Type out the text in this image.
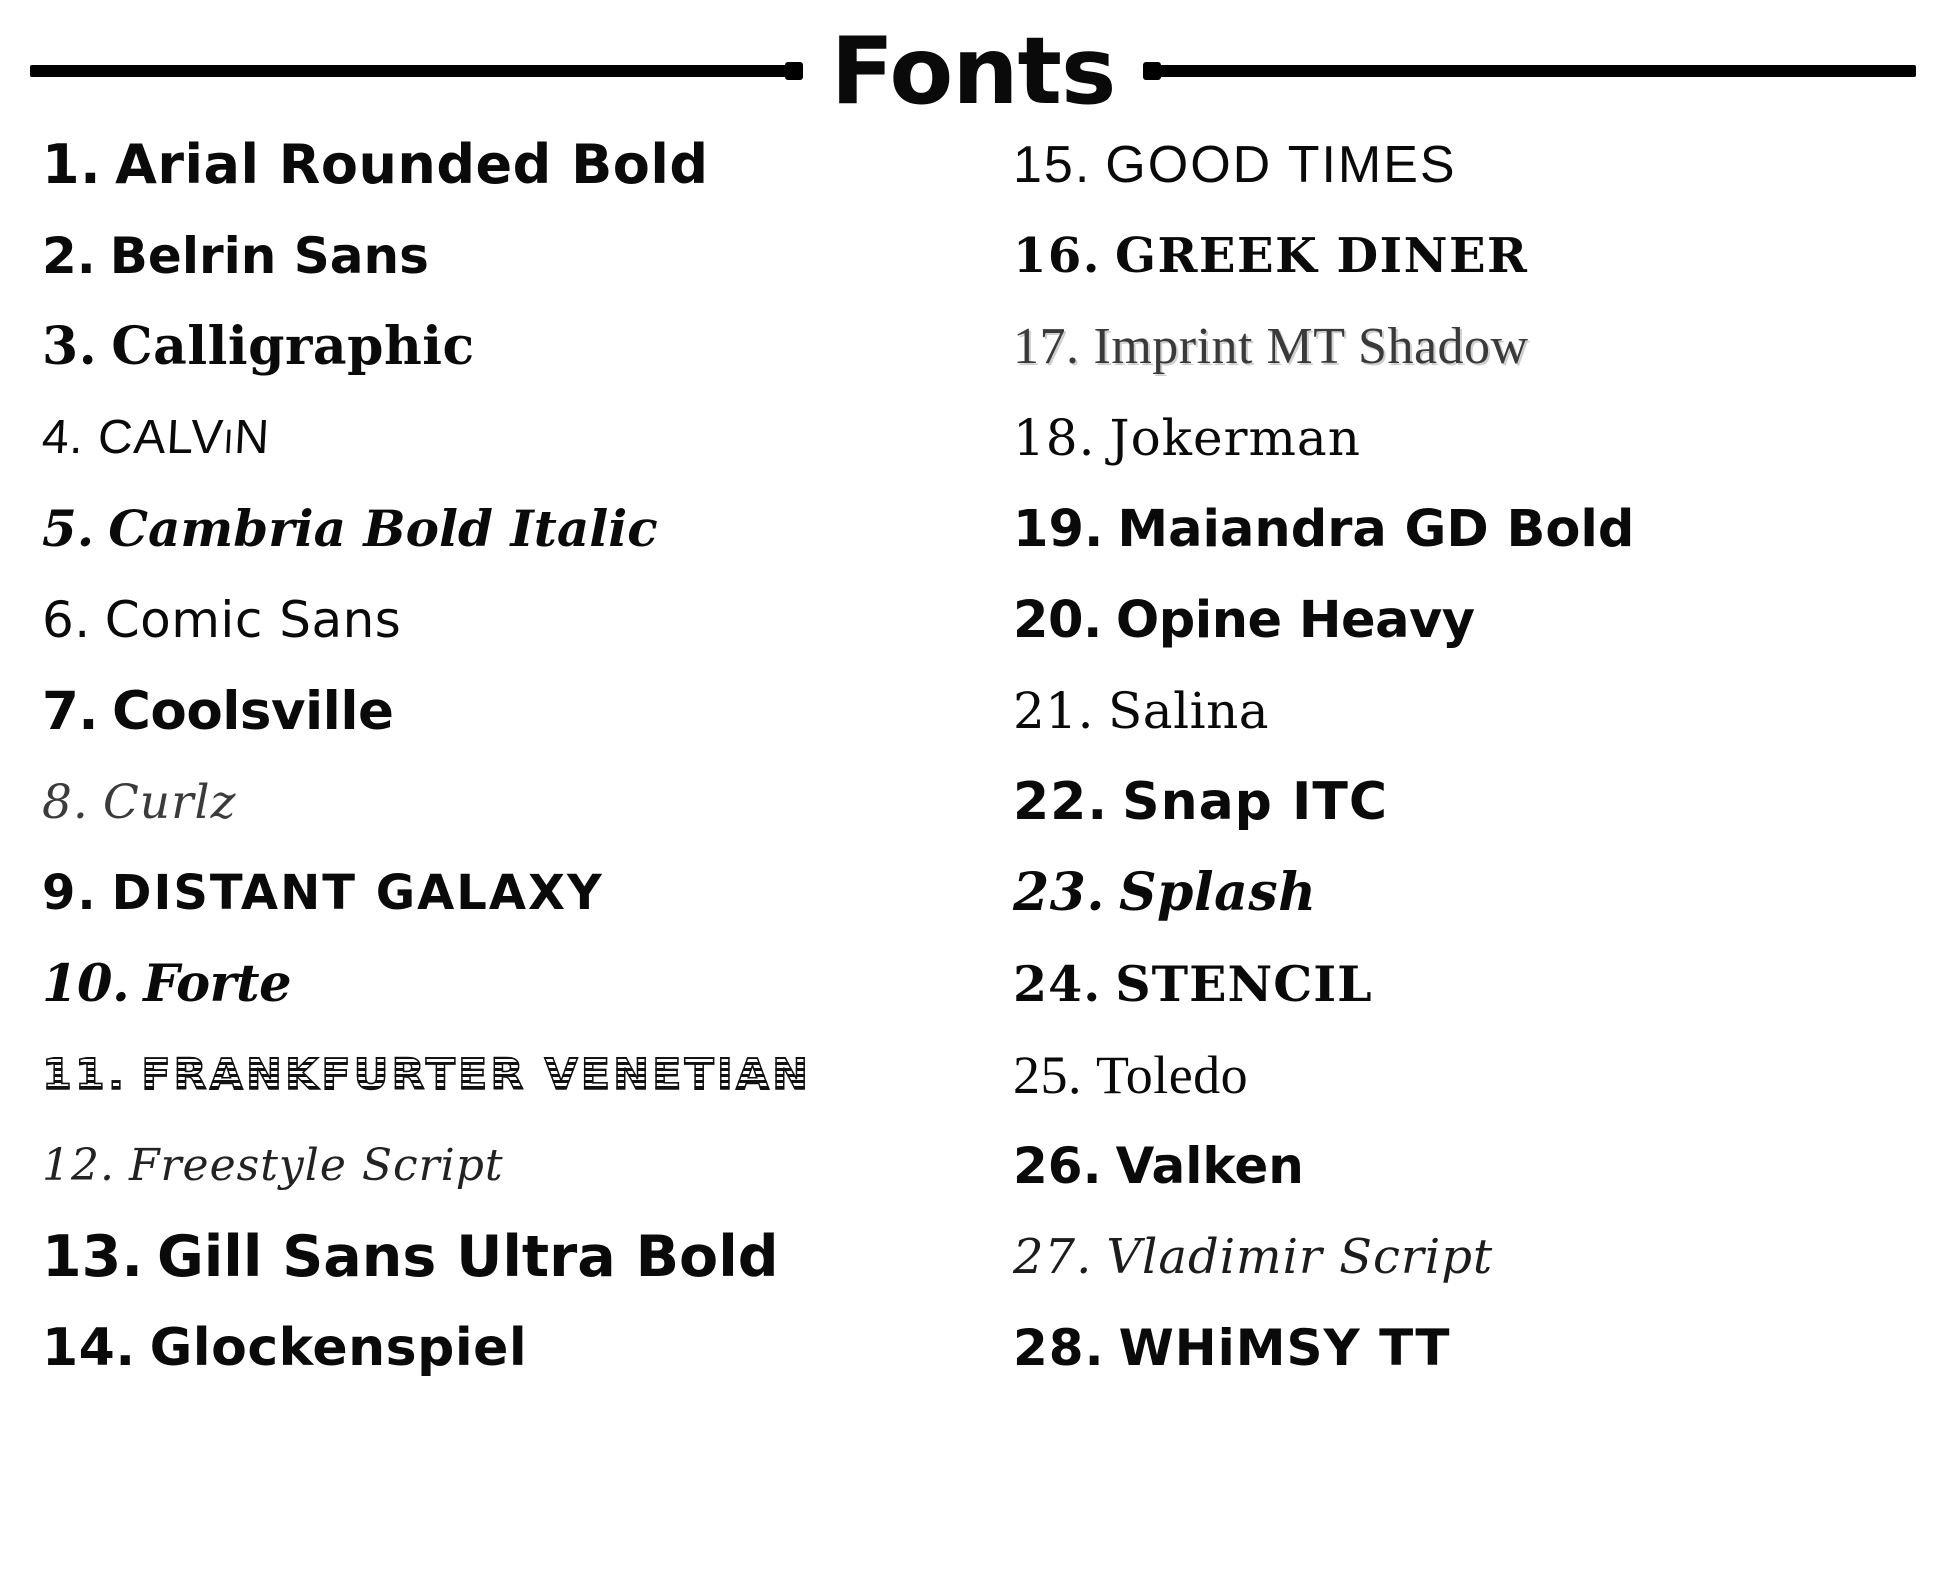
Fonts
1. Arial Rounded Bold
2. Belrin Sans
3. Calligraphic
4. CALViN
5. Cambria Bold Italic
6. Comic Sans
7. Coolsville
8. Curlz
9. DISTANT GALAXY
10. Forte
11. FRANKFURTER VENETIAN
12. Freestyle Script
13. Gill Sans Ultra Bold
14. Glockenspiel
15. GOOD TIMES
16. GREEK DINER
17. Imprint MT Shadow
18. Jokerman
19. Maiandra GD Bold
20. Opine Heavy
21. Salina
22. Snap ITC
23. Splash
24. STENCIL
25. Toledo
26. Valken
27. Vladimir Script
28. WHiMSY TT
